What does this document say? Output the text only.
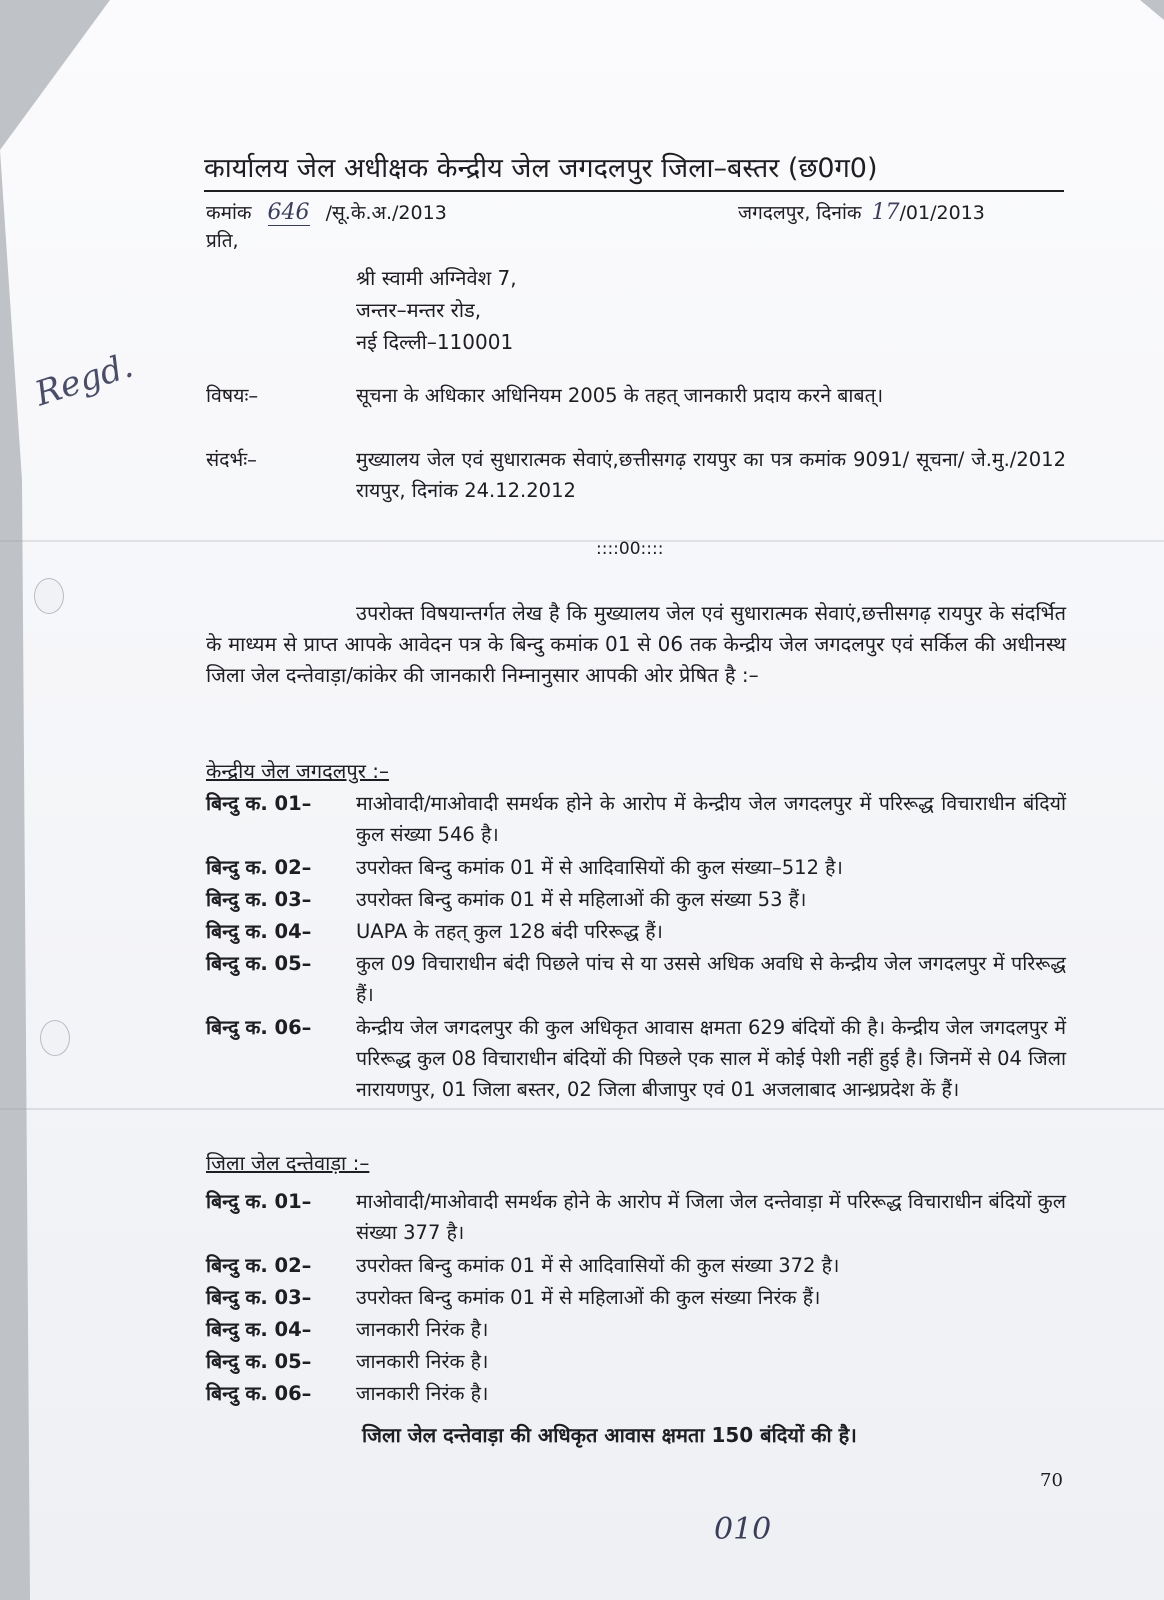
कार्यालय जेल अधीक्षक केन्द्रीय जेल जगदलपुर जिला–बस्तर (छ0ग0)
कमांक 646 /सू.के.अ./2013	जगदलपुर, दिनांक 17/01/2013
प्रति,
श्री स्वामी अग्निवेश 7,
जन्तर–मन्तर रोड,
नई दिल्ली–110001
Regd.	विषयः–	सूचना के अधिकार अधिनियम 2005 के तहत् जानकारी प्रदाय करने बाबत्।
संदर्भः–	मुख्यालय जेल एवं सुधारात्मक सेवाएं,छत्तीसगढ़ रायपुर का पत्र कमांक 9091/ सूचना/ जे.मु./2012 रायपुर, दिनांक 24.12.2012
::::00::::
उपरोक्त विषयान्तर्गत लेख है कि मुख्यालय जेल एवं सुधारात्मक सेवाएं,छत्तीसगढ़ रायपुर के संदर्भित के माध्यम से प्राप्त आपके आवेदन पत्र के बिन्दु कमांक 01 से 06 तक केन्द्रीय जेल जगदलपुर एवं सर्किल की अधीनस्थ जिला जेल दन्तेवाड़ा/कांकेर की जानकारी निम्नानुसार आपकी ओर प्रेषित है :–
केन्द्रीय जेल जगदलपुर :–
बिन्दु क. 01– माओवादी/माओवादी समर्थक होने के आरोप में केन्द्रीय जेल जगदलपुर में परिरूद्ध विचाराधीन बंदियों कुल संख्या 546 है।
बिन्दु क. 02– उपरोक्त बिन्दु कमांक 01 में से आदिवासियों की कुल संख्या–512 है।
बिन्दु क. 03– उपरोक्त बिन्दु कमांक 01 में से महिलाओं की कुल संख्या 53 हैं।
बिन्दु क. 04– UAPA के तहत् कुल 128 बंदी परिरूद्ध हैं।
बिन्दु क. 05– कुल 09 विचाराधीन बंदी पिछले पांच से या उससे अधिक अवधि से केन्द्रीय जेल जगदलपुर में परिरूद्ध हैं।
बिन्दु क. 06– केन्द्रीय जेल जगदलपुर की कुल अधिकृत आवास क्षमता 629 बंदियों की है। केन्द्रीय जेल जगदलपुर में परिरूद्ध कुल 08 विचाराधीन बंदियों की पिछले एक साल में कोई पेशी नहीं हुई है। जिनमें से 04 जिला नारायणपुर, 01 जिला बस्तर, 02 जिला बीजापुर एवं 01 अजलाबाद आन्ध्रप्रदेश कें हैं।
जिला जेल दन्तेवाड़ा :–
बिन्दु क. 01– माओवादी/माओवादी समर्थक होने के आरोप में जिला जेल दन्तेवाड़ा में परिरूद्ध विचाराधीन बंदियों कुल संख्या 377 है।
बिन्दु क. 02– उपरोक्त बिन्दु कमांक 01 में से आदिवासियों की कुल संख्या 372 है।
बिन्दु क. 03– उपरोक्त बिन्दु कमांक 01 में से महिलाओं की कुल संख्या निरंक हैं।
बिन्दु क. 04– जानकारी निरंक है।
बिन्दु क. 05– जानकारी निरंक है।
बिन्दु क. 06– जानकारी निरंक है।
जिला जेल दन्तेवाड़ा की अधिकृत आवास क्षमता 150 बंदियों की है।
70
010
